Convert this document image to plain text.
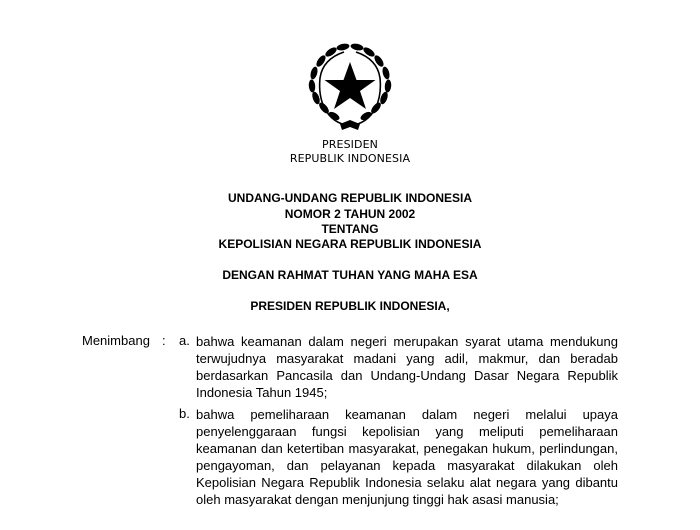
PRESIDEN
REPUBLIK INDONESIA
UNDANG-UNDANG REPUBLIK INDONESIA
NOMOR 2 TAHUN 2002
TENTANG
KEPOLISIAN NEGARA REPUBLIK INDONESIA
DENGAN RAHMAT TUHAN YANG MAHA ESA
PRESIDEN REPUBLIK INDONESIA,
Menimbang : a. bahwa keamanan dalam negeri merupakan syarat utama mendukung terwujudnya masyarakat madani yang adil, makmur, dan beradab berdasarkan Pancasila dan Undang-Undang Dasar Negara Republik Indonesia Tahun 1945;
b. bahwa pemeliharaan keamanan dalam negeri melalui upaya penyelenggaraan fungsi kepolisian yang meliputi pemeliharaan keamanan dan ketertiban masyarakat, penegakan hukum, perlindungan, pengayoman, dan pelayanan kepada masyarakat dilakukan oleh Kepolisian Negara Republik Indonesia selaku alat negara yang dibantu oleh masyarakat dengan menjunjung tinggi hak asasi manusia;
